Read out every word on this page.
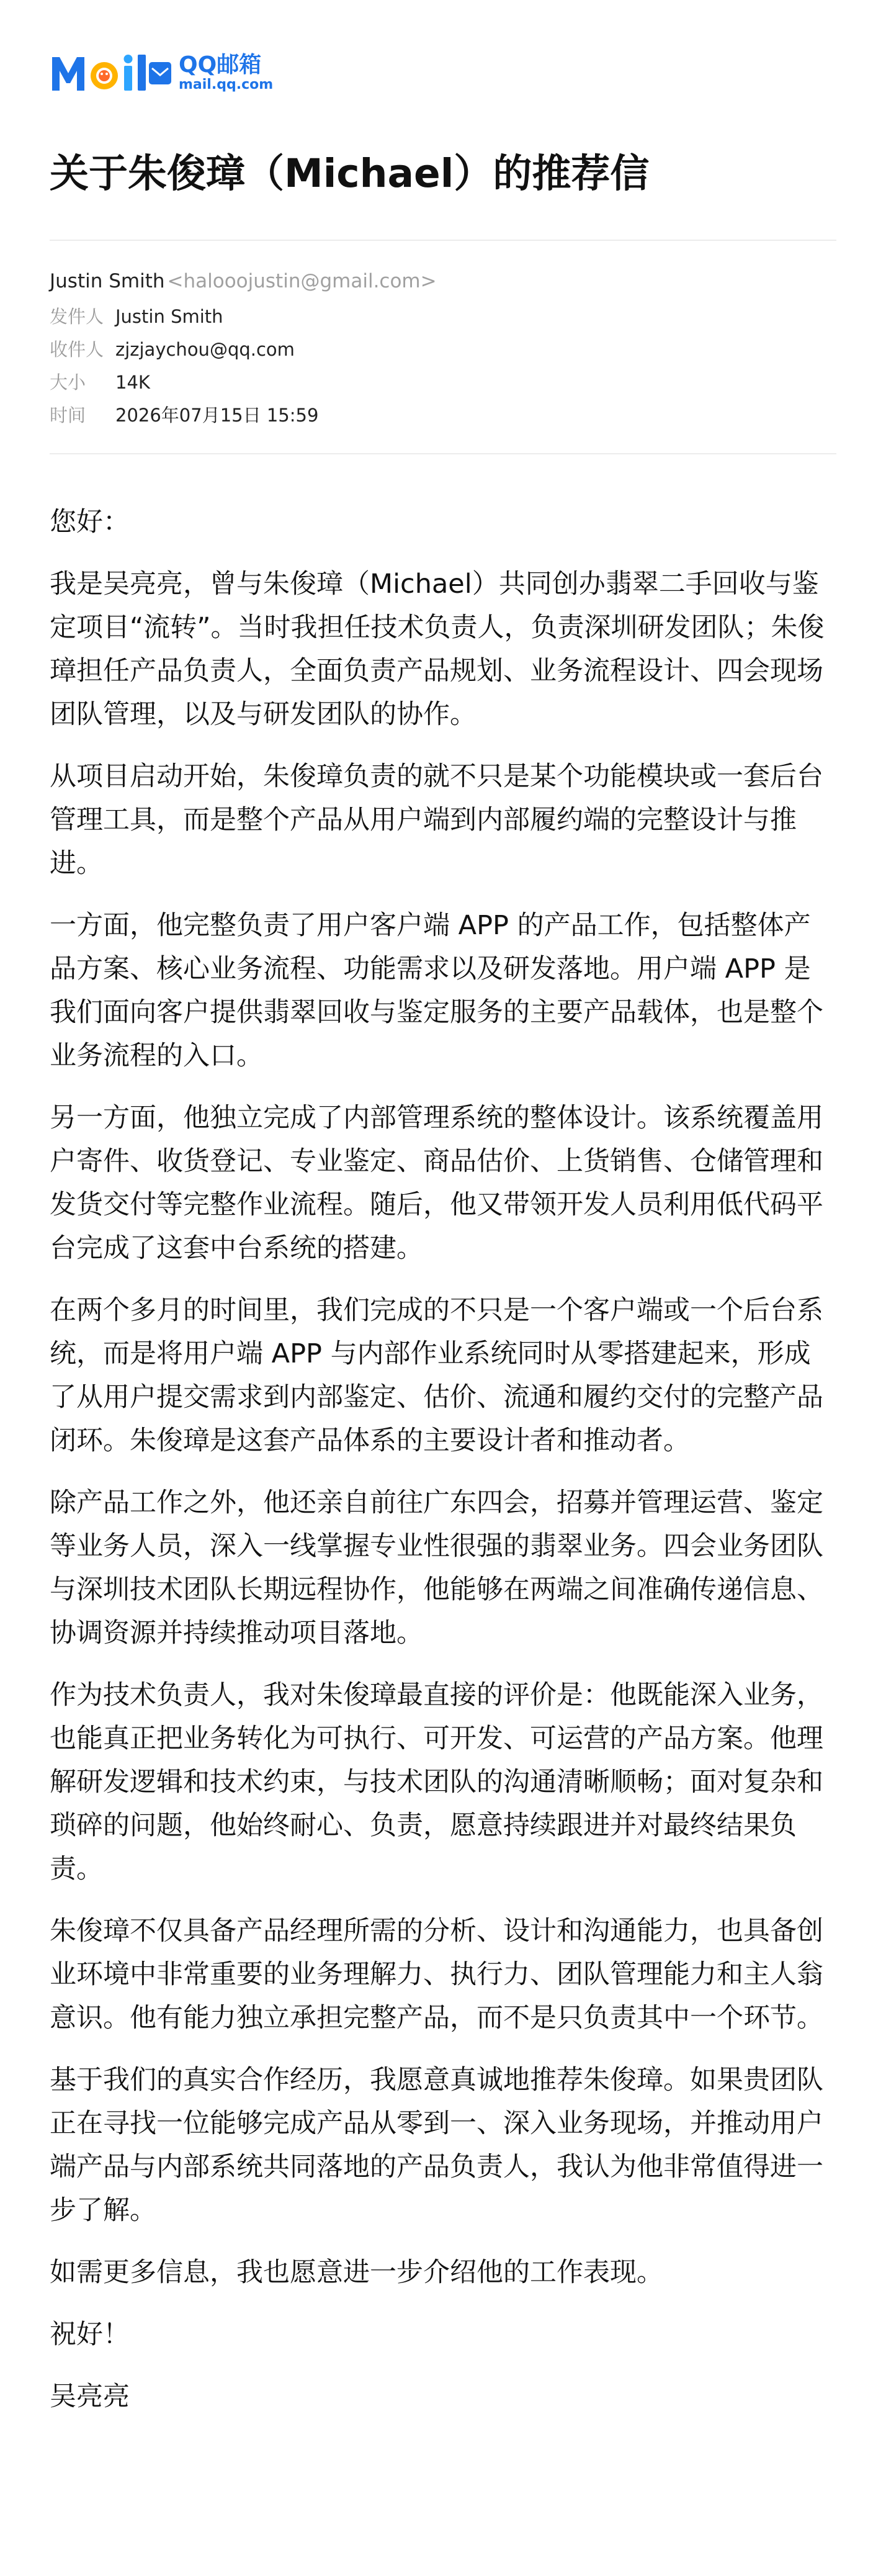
QQ邮箱
mail.qq.com
关于朱俊璋（Michael）的推荐信
Justin Smith <halooojustin@gmail.com>
发件人 Justin Smith
收件人 zjzjaychou@qq.com
大小	14K
时间	2026年07月15日 15:59

您好：

我是吴亮亮，曾与朱俊璋（Michael）共同创办翡翠二手回收与鉴定项目“流转”。当时我担任技术负责人，负责深圳研发团队；朱俊璋担任产品负责人，全面负责产品规划、业务流程设计、四会现场团队管理，以及与研发团队的协作。

从项目启动开始，朱俊璋负责的就不只是某个功能模块或一套后台管理工具，而是整个产品从用户端到内部履约端的完整设计与推进。

一方面，他完整负责了用户客户端 APP 的产品工作，包括整体产品方案、核心业务流程、功能需求以及研发落地。用户端 APP 是我们面向客户提供翡翠回收与鉴定服务的主要产品载体，也是整个业务流程的入口。

另一方面，他独立完成了内部管理系统的整体设计。该系统覆盖用户寄件、收货登记、专业鉴定、商品估价、上货销售、仓储管理和发货交付等完整作业流程。随后，他又带领开发人员利用低代码平台完成了这套中台系统的搭建。

在两个多月的时间里，我们完成的不只是一个客户端或一个后台系统，而是将用户端 APP 与内部作业系统同时从零搭建起来，形成了从用户提交需求到内部鉴定、估价、流通和履约交付的完整产品闭环。朱俊璋是这套产品体系的主要设计者和推动者。

除产品工作之外，他还亲自前往广东四会，招募并管理运营、鉴定等业务人员，深入一线掌握专业性很强的翡翠业务。四会业务团队与深圳技术团队长期远程协作，他能够在两端之间准确传递信息、协调资源并持续推动项目落地。

作为技术负责人，我对朱俊璋最直接的评价是：他既能深入业务，也能真正把业务转化为可执行、可开发、可运营的产品方案。他理解研发逻辑和技术约束，与技术团队的沟通清晰顺畅；面对复杂和琐碎的问题，他始终耐心、负责，愿意持续跟进并对最终结果负责。

朱俊璋不仅具备产品经理所需的分析、设计和沟通能力，也具备创业环境中非常重要的业务理解力、执行力、团队管理能力和主人翁意识。他有能力独立承担完整产品，而不是只负责其中一个环节。

基于我们的真实合作经历，我愿意真诚地推荐朱俊璋。如果贵团队正在寻找一位能够完成产品从零到一、深入业务现场，并推动用户端产品与内部系统共同落地的产品负责人，我认为他非常值得进一步了解。

如需更多信息，我也愿意进一步介绍他的工作表现。

祝好！

吴亮亮
